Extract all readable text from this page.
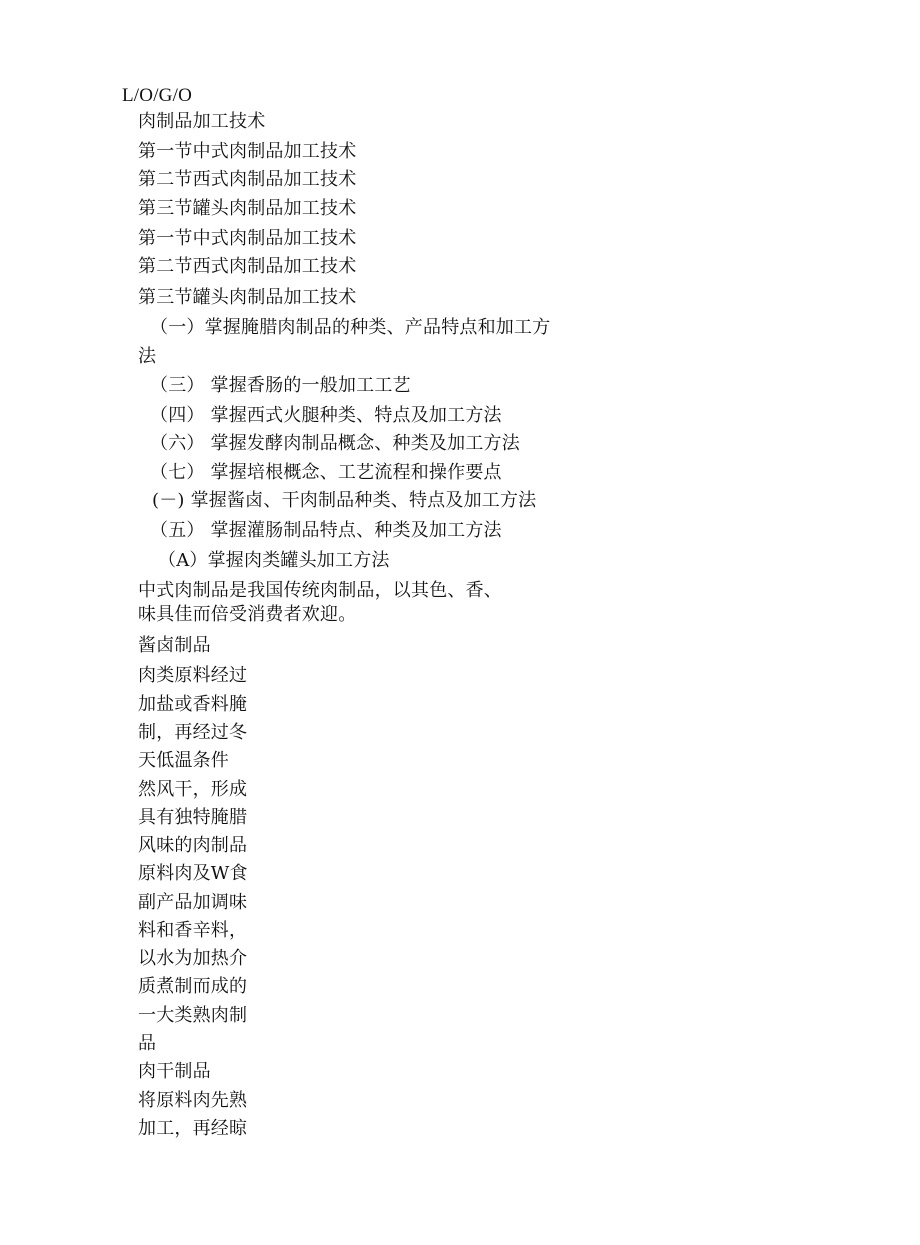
L/O/G/O
肉制品加工技术
第一节中式肉制品加工技术
第二节西式肉制品加工技术
第三节罐头肉制品加工技术
第一节中式肉制品加工技术
第二节西式肉制品加工技术
第三节罐头肉制品加工技术
（一）掌握腌腊肉制品的种类、产品特点和加工方
法
（三） 掌握香肠的一般加工工艺
（四） 掌握西式火腿种类、特点及加工方法
（六） 掌握发酵肉制品概念、种类及加工方法
（七） 掌握培根概念、工艺流程和操作要点
(－) 掌握酱卤、干肉制品种类、特点及加工方法
（五） 掌握灌肠制品特点、种类及加工方法
（A）掌握肉类罐头加工方法
中式肉制品是我国传统肉制品，以其色、香、
味具佳而倍受消费者欢迎。
酱卤制品
肉类原料经过
加盐或香料腌
制，再经过冬
天低温条件
然风干，形成
具有独特腌腊
风味的肉制品
原料肉及W食
副产品加调味
料和香辛料，
以水为加热介
质煮制而成的
一大类熟肉制
品
肉干制品
将原料肉先熟
加工，再经晾
